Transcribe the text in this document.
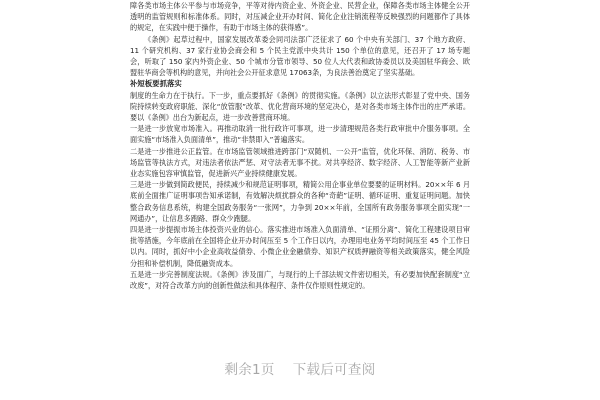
障各类市场主体公平参与市场竞争，平等对待内资企业、外资企业、民营企业，保障各类市场主体健全公开透明的监管规则和标准体系。同时，对压减企业开办时间、简化企业注销流程等反映强烈的问题都作了具体的规定，在实践中便于操作，有助于市场主体的获得感”。

《条例》起草过程中，国家发展改革委会同司法部广泛征求了 60 个中央有关部门、37 个地方政府、11 个研究机构、37 家行业协会商会和 5 个民主党派中央共计 150 个单位的意见，还召开了 17 场专题会，听取了 150 家内外资企业、50 个城市分管市领导、50 位人大代表和政协委员以及美国驻华商会、欧盟驻华商会等机构的意见，并向社会公开征求意见 17063条，为良法善治奠定了坚实基础。

补短板要抓落实

制度的生命力在于执行。下一步，重点要抓好《条例》的贯彻实施。《条例》以立法形式彰显了党中央、国务院持续转变政府职能、深化“放管服”改革、优化营商环境的坚定决心，是对各类市场主体作出的庄严承诺。要以《条例》出台为新起点，进一步改善营商环境。

一是进一步放宽市场准入。再推动取消一批行政许可事项，进一步清理规范各类行政审批中介服务事项。全面实施“市场准入负面清单”，推动“非禁即入”普遍落实。

二是进一步推进公正监管。在市场监管领域推进跨部门“双随机、一公开”监管，优化环保、消防、税务、市场监管等执法方式，对违法者依法严惩、对守法者无事不扰。对共享经济、数字经济、人工智能等新产业新业态实施包容审慎监管，促进新兴产业持续健康发展。

三是进一步做到简政便民，持续减少和规范证明事项，精简公用企事业单位要要的证明材料。20××年 6 月底前全面推广证明事项告知承诺制，有效解决烦扰群众的各种“奇葩”证明、循环证明、重复证明问题。加快整合政务信息系统，构建全国政务服务“一张网”，力争到 20××年前，全国所有政务服务事项全面实现“一网通办”，让信息多跑路、群众少跑腿。

四是进一步提振市场主体投资兴业的信心。落实推进市场准入负面清单、“证照分离”、简化工程建设项目审批等措施，今年底前在全国将企业开办时间压至 5 个工作日以内，办理用电业务平均时间压至 45 个工作日以内。同时，抓好中小企业高收益债券、小微企业金融债券、知识产权质押融资等相关政策落实，健全风险分担和补偿机制，降低融资成本。

五是进一步完善制度法规。《条例》涉及面广，与现行的上千部法规文件密切相关，有必要加快配套制度“立改废”，对符合改革方向的创新性做法和具体程序、条件仅作原则性规定的。

剩余1页 下载后可查阅
